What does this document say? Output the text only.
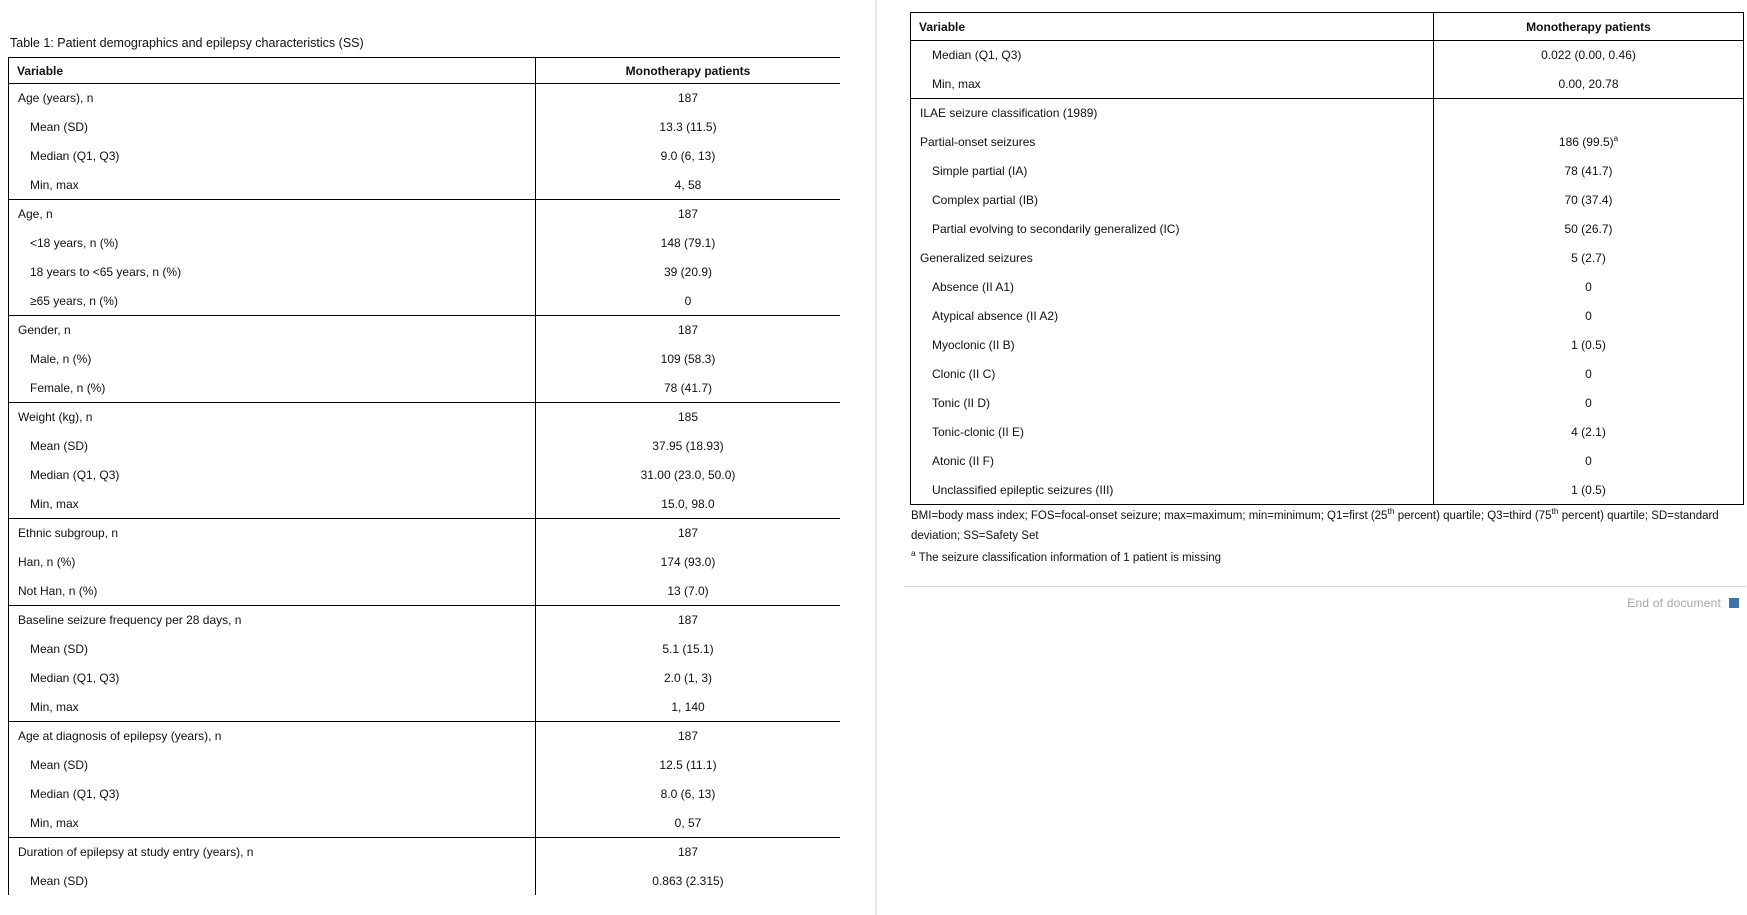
Table 1: Patient demographics and epilepsy characteristics (SS)
Variable	Monotherapy patients
Age (years), n	187
Mean (SD)	13.3 (11.5)
Median (Q1, Q3)	9.0 (6, 13)
Min, max	4, 58
Age, n	187
<18 years, n (%)	148 (79.1)
18 years to <65 years, n (%)	39 (20.9)
≥65 years, n (%)	0
Gender, n	187
Male, n (%)	109 (58.3)
Female, n (%)	78 (41.7)
Weight (kg), n	185
Mean (SD)	37.95 (18.93)
Median (Q1, Q3)	31.00 (23.0, 50.0)
Min, max	15.0, 98.0
Ethnic subgroup, n	187
Han, n (%)	174 (93.0)
Not Han, n (%)	13 (7.0)
Baseline seizure frequency per 28 days, n	187
Mean (SD)	5.1 (15.1)
Median (Q1, Q3)	2.0 (1, 3)
Min, max	1, 140
Age at diagnosis of epilepsy (years), n	187
Mean (SD)	12.5 (11.1)
Median (Q1, Q3)	8.0 (6, 13)
Min, max	0, 57
Duration of epilepsy at study entry (years), n	187
Mean (SD)	0.863 (2.315)
Variable	Monotherapy patients
Median (Q1, Q3)	0.022 (0.00, 0.46)
Min, max	0.00, 20.78
ILAE seizure classification (1989)	
Partial-onset seizures	186 $(99.5)^a$
Simple partial (IA)	78 (41.7)
Complex partial (IB)	70 (37.4)
Partial evolving to secondarily generalized (IC)	50 (26.7)
Generalized seizures	5 (2.7)
Absence (II A1)	0
Atypical absence (II A2)	0
Myoclonic (II B)	1 (0.5)
Clonic (II C)	0
Tonic (II D)	0
Tonic-clonic (II E)	4 (2.1)
Atonic (II F)	0
Unclassified epileptic seizures (III)	1 (0.5)

BMI=body mass index; FOS=focal-onset seizure; max=maximum; min=minimum; Q1=first (25th percent) quartile; Q3=third (75th percent) quartile; SD=standard deviation; SS=Safety Set

$^a$ The seizure classification information of 1 patient is missing

End of document
